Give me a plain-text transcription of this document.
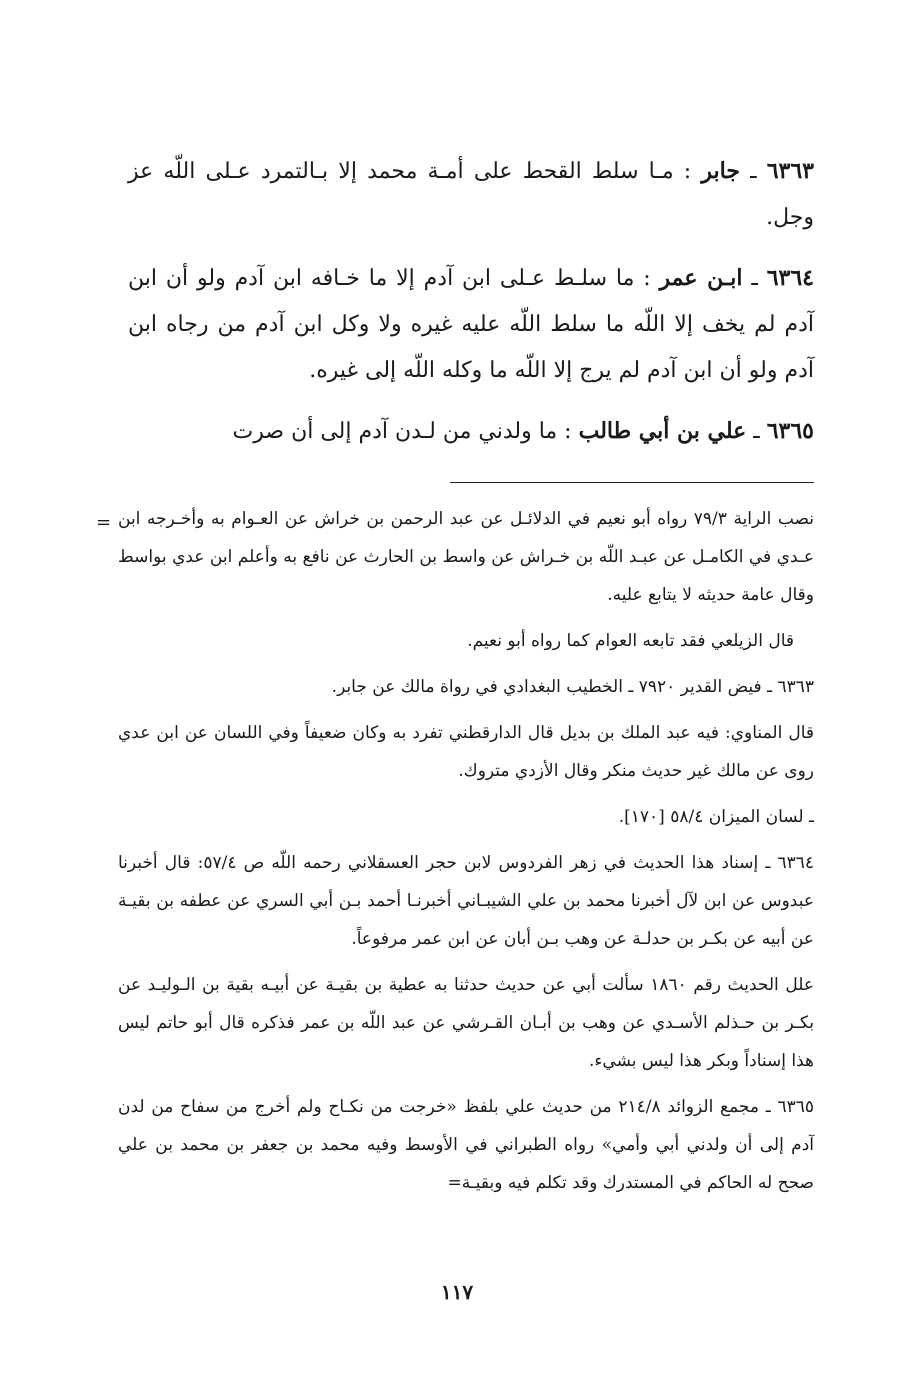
٦٣٦٣ ـ جابر : مـا سلط القحط على أمـة محمد إلا بـالتمرد عـلى اللّه عز وجل.

٦٣٦٤ ـ ابـن عمر : ما سلـط عـلى ابن آدم إلا ما خـافه ابن آدم ولو أن ابن آدم لم يخف إلا اللّه ما سلط اللّه عليه غيره ولا وكل ابن آدم من رجاه ابن آدم ولو أن ابن آدم لم يرج إلا اللّه ما وكله اللّه إلى غيره.

٦٣٦٥ ـ علي بن أبي طالب : ما ولدني من لـدن آدم إلى أن صرت

= نصب الراية ٧٩/٣ رواه أبو نعيم في الدلائـل عن عبد الرحمن بن خراش عن العـوام به وأخـرجه ابن عـدي في الكامـل عن عبـد اللّه بن خـراش عن واسط بن الحارث عن نافع به وأعلم ابن عدي بواسط وقال عامة حديثه لا يتابع عليه.

قال الزيلعي فقد تابعه العوام كما رواه أبو نعيم.

٦٣٦٣ ـ فيض القدير ٧٩٢٠ ـ الخطيب البغدادي في رواة مالك عن جابر.

قال المناوي: فيه عبد الملك بن بديل قال الدارقطني تفرد به وكان ضعيفاً وفي اللسان عن ابن عدي روى عن مالك غير حديث منكر وقال الأزدي متروك.

ـ لسان الميزان ٥٨/٤ [١٧٠].

٦٣٦٤ ـ إسناد هذا الحديث في زهر الفردوس لابن حجر العسقلاني رحمه اللّه ص ٥٧/٤: قال أخبرنا عبدوس عن ابن لآل أخبرنا محمد بن علي الشيبـاني أخبرنـا أحمد بـن أبي السري عن عطفه بن بقيـة عن أبيه عن بكـر بن حدلـة عن وهب بـن أبان عن ابن عمر مرفوعاً.

علل الحديث رقم ١٨٦٠ سألت أبي عن حديث حدثنا به عطية بن بقيـة عن أبيـه بقية بن الـوليـد عن بكـر بن حـذلم الأسـدي عن وهب بن أبـان القـرشي عن عبد اللّه بن عمر فذكره قال أبو حاتم ليس هذا إسناداً وبكر هذا ليس بشيء.

٦٣٦٥ ـ مجمع الزوائد ٢١٤/٨ من حديث علي بلفظ «خرجت من نكـاح ولم أخرج من سفاح من لدن آدم إلى أن ولدني أبي وأمي» رواه الطبراني في الأوسط وفيه محمد بن جعفر بن محمد بن علي صحح له الحاكم في المستدرك وقد تكلم فيه وبقيـة=

١١٧
